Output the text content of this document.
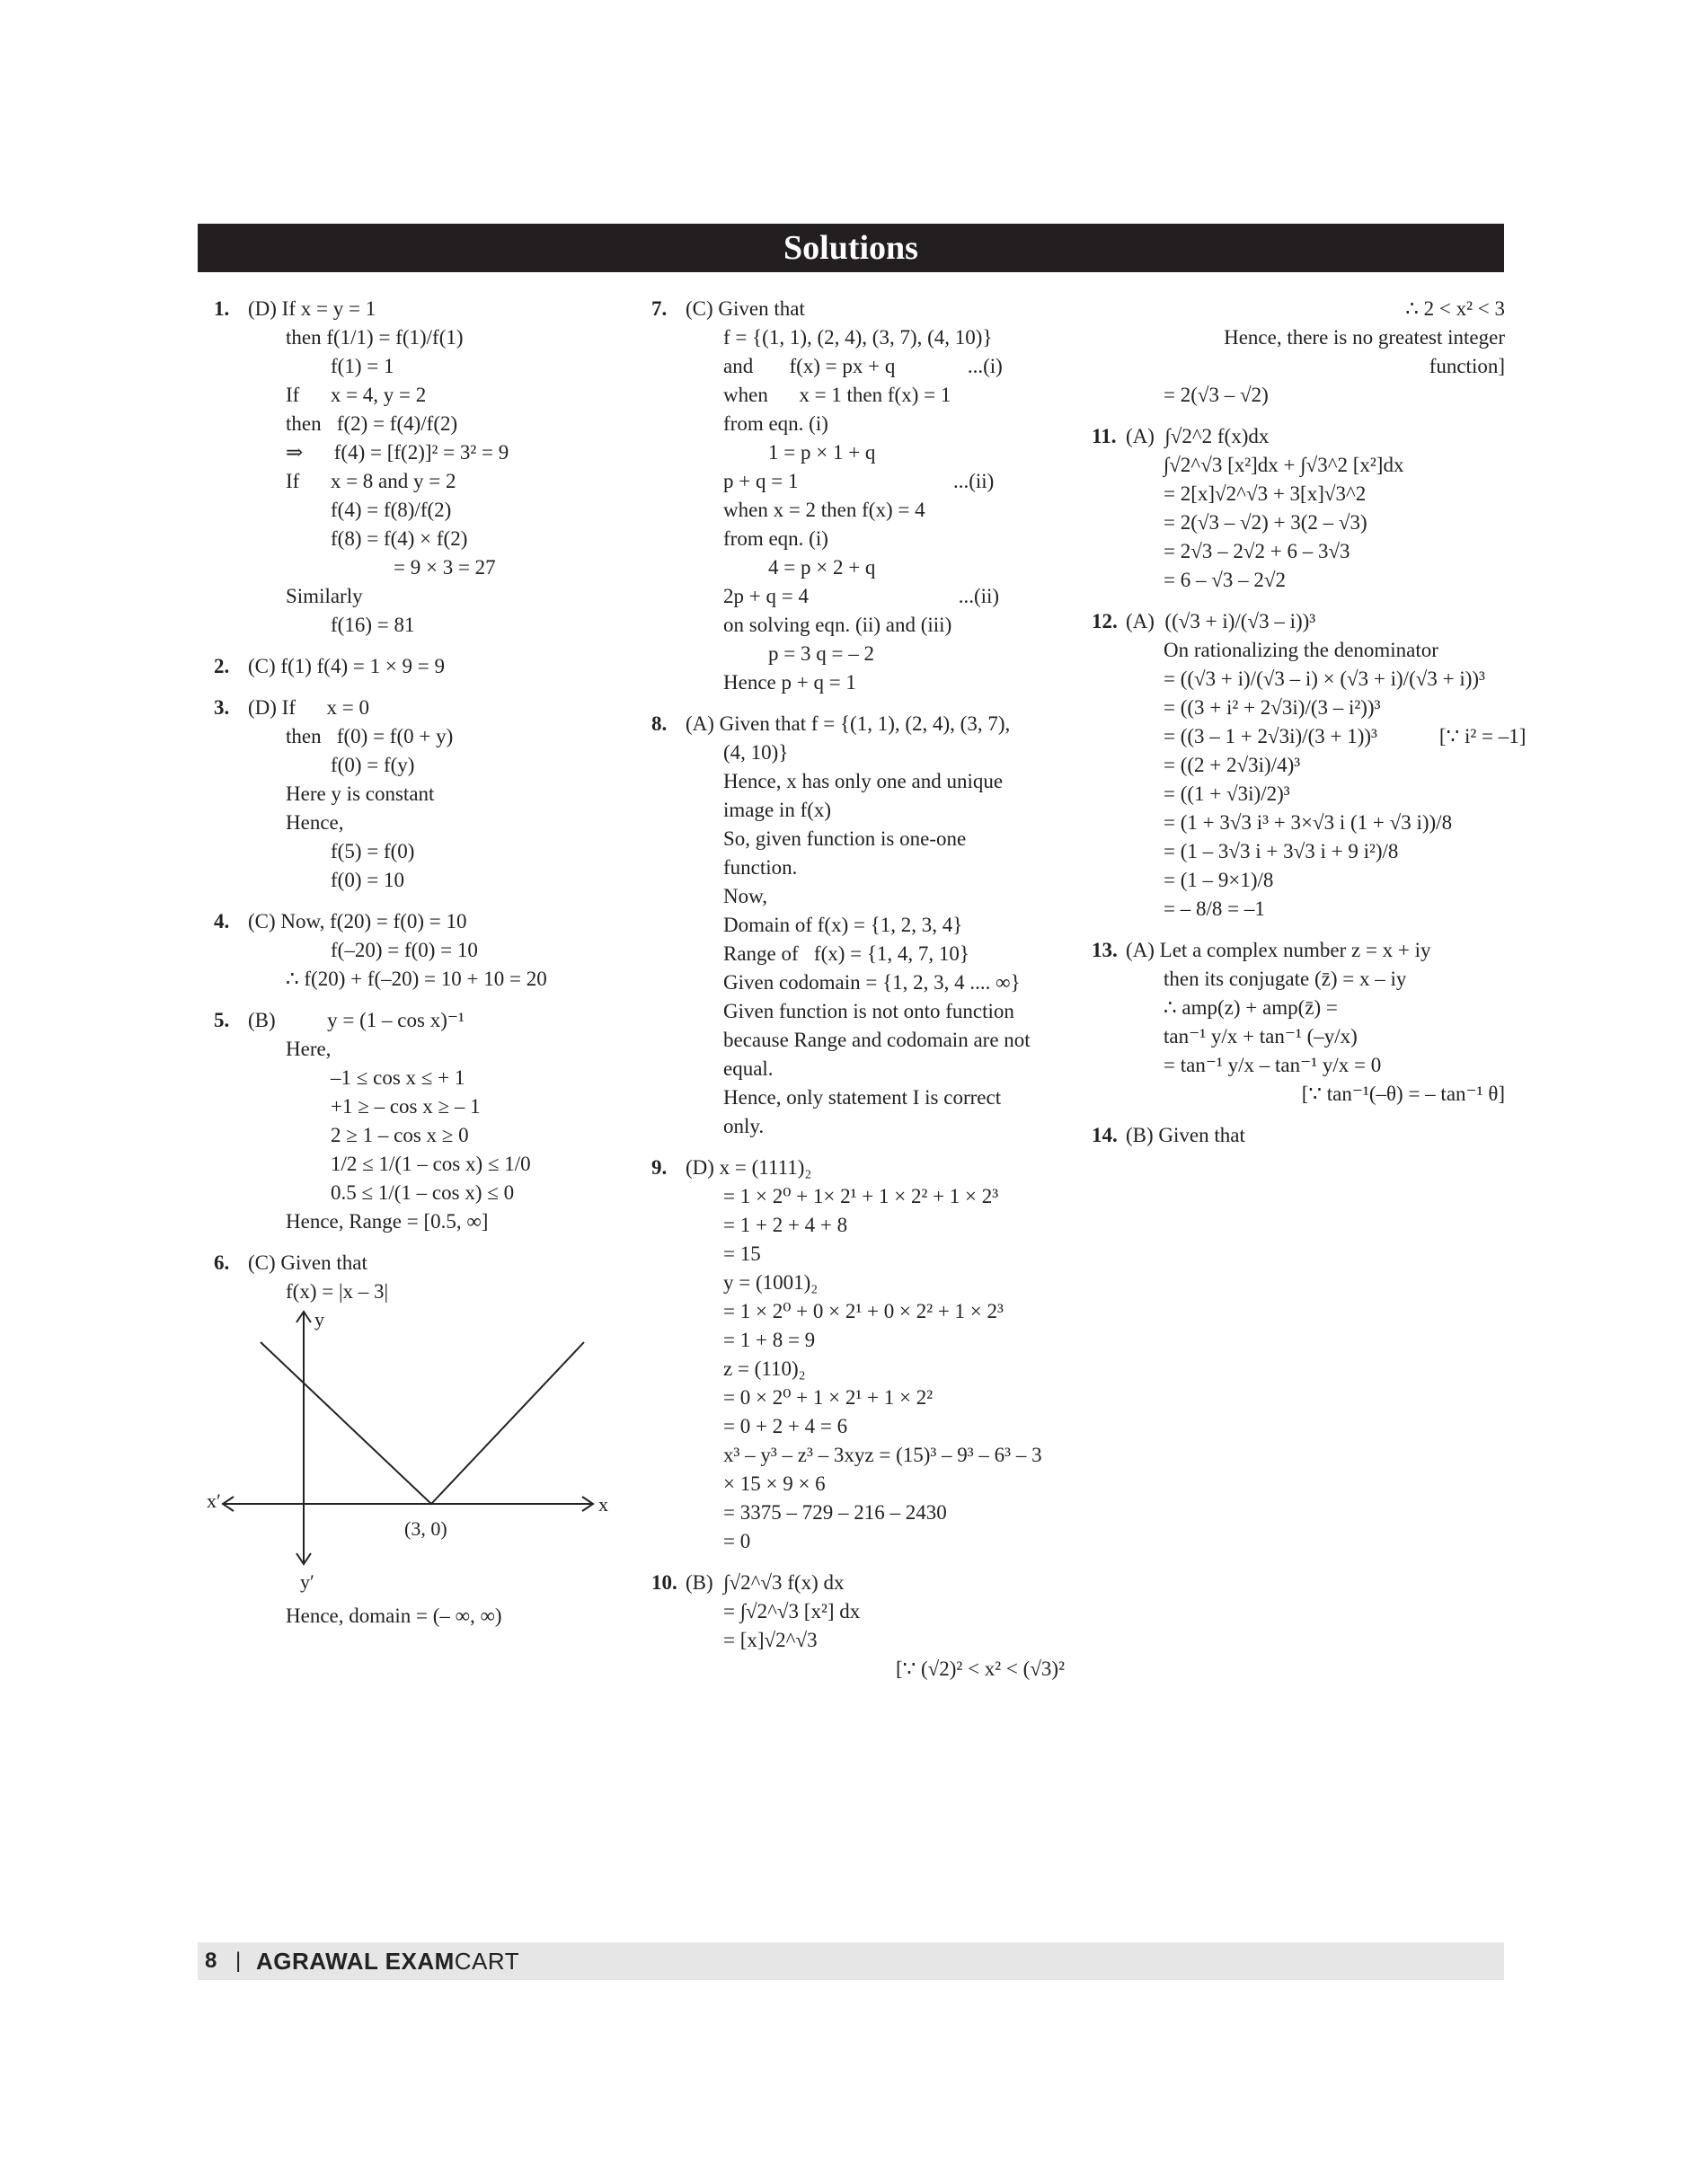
Solutions
1. (D) If x = y = 1
then f(1/1) = f(1)/f(1)
f(1) = 1
If      x = 4, y = 2
then   f(2) = f(4)/f(2)
⇒      f(4) = [f(2)]² = 3² = 9
If      x = 8 and y = 2
f(4) = f(8)/f(2)
f(8) = f(4) × f(2)
= 9 × 3 = 27
Similarly
f(16) = 81
2. (C) f(1) f(4) = 1 × 9 = 9
3. (D) If      x = 0
then   f(0) = f(0 + y)
f(0) = f(y)
Here y is constant
Hence,
f(5) = f(0)
f(0) = 10
4. (C) Now, f(20) = f(0) = 10
f(–20) = f(0) = 10
∴ f(20) + f(–20) = 10 + 10 = 20
5. (B)          y = (1 – cos x)⁻¹
Here,
–1 ≤ cos x ≤ + 1
+1 ≥ – cos x ≥ – 1
2 ≥ 1 – cos x ≥ 0
1/2 ≤ 1/(1 – cos x) ≤ 1/0
0.5 ≤ 1/(1 – cos x) ≤ 0
Hence, Range = [0.5, ∞]
6. (C) Given that
f(x) = |x – 3|
y
y′
x
x′
(3, 0)
Hence, domain = (– ∞, ∞)
7. (C) Given that
f = {(1, 1), (2, 4), (3, 7), (4, 10)}
and       f(x) = px + q              ...(i)
when      x = 1 then f(x) = 1
from eqn. (i)
1 = p × 1 + q
p + q = 1                              ...(ii)
when x = 2 then f(x) = 4
from eqn. (i)
4 = p × 2 + q
2p + q = 4                             ...(ii)
on solving eqn. (ii) and (iii)
p = 3 q = – 2
Hence p + q = 1
8. (A) Given that f = {(1, 1), (2, 4), (3, 7),
(4, 10)}
Hence, x has only one and unique
image in f(x)
So, given function is one-one
function.
Now,
Domain of f(x) = {1, 2, 3, 4}
Range of   f(x) = {1, 4, 7, 10}
Given codomain = {1, 2, 3, 4 .... ∞}
Given function is not onto function
because Range and codomain are not
equal.
Hence, only statement I is correct
only.
9. (D) x = (1111)₂
= 1 × 2⁰ + 1× 2¹ + 1 × 2² + 1 × 2³
= 1 + 2 + 4 + 8
= 15
y = (1001)₂
= 1 × 2⁰ + 0 × 2¹ + 0 × 2² + 1 × 2³
= 1 + 8 = 9
z = (110)₂
= 0 × 2⁰ + 1 × 2¹ + 1 × 2²
= 0 + 2 + 4 = 6
x³ – y³ – z³ – 3xyz = (15)³ – 9³ – 6³ – 3
× 15 × 9 × 6
= 3375 – 729 – 216 – 2430
= 0
10. (B)  ∫√2^√3 f(x) dx
= ∫√2^√3 [x²] dx
= [x]√2^√3
[∵ (√2)² < x² < (√3)²
∴ 2 < x² < 3
Hence, there is no greatest integer
function]
= 2(√3 – √2)
11. (A)  ∫√2^2 f(x)dx
∫√2^√3 [x²]dx + ∫√3^2 [x²]dx
= 2[x]√2^√3 + 3[x]√3^2
= 2(√3 – √2) + 3(2 – √3)
= 2√3 – 2√2 + 6 – 3√3
= 6 – √3 – 2√2
12. (A)  ((√3 + i)/(√3 – i))³
On rationalizing the denominator
= ((√3 + i)/(√3 – i) × (√3 + i)/(√3 + i))³
= ((3 + i² + 2√3i)/(3 – i²))³
= ((3 – 1 + 2√3i)/(3 + 1))³            [∵ i² = –1]
= ((2 + 2√3i)/4)³
= ((1 + √3i)/2)³
= (1 + 3√3 i³ + 3×√3 i (1 + √3 i))/8
= (1 – 3√3 i + 3√3 i + 9 i²)/8
= (1 – 9×1)/8
= – 8/8 = –1
13. (A) Let a complex number z = x + iy
then its conjugate (z̄) = x – iy
∴ amp(z) + amp(z̄) =
tan⁻¹ y/x + tan⁻¹ (–y/x)
= tan⁻¹ y/x – tan⁻¹ y/x = 0
[∵ tan⁻¹(–θ) = – tan⁻¹ θ]
14. (B) Given that
8 | AGRAWAL EXAMCART
